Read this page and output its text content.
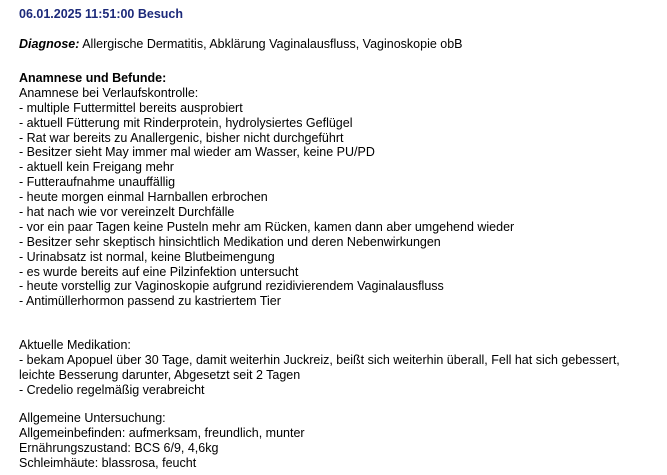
06.01.2025 11:51:00 Besuch
Diagnose: Allergische Dermatitis, Abklärung Vaginalausfluss, Vaginoskopie obB
Anamnese und Befunde:
Anamnese bei Verlaufskontrolle:
- multiple Futtermittel bereits ausprobiert
- aktuell Fütterung mit Rinderprotein, hydrolysiertes Geflügel
- Rat war bereits zu Anallergenic, bisher nicht durchgeführt
- Besitzer sieht May immer mal wieder am Wasser, keine PU/PD
- aktuell kein Freigang mehr
- Futteraufnahme unauffällig
- heute morgen einmal Harnballen erbrochen
- hat nach wie vor vereinzelt Durchfälle
- vor ein paar Tagen keine Pusteln mehr am Rücken, kamen dann aber umgehend wieder
- Besitzer sehr skeptisch hinsichtlich Medikation und deren Nebenwirkungen
- Urinabsatz ist normal, keine Blutbeimengung
- es wurde bereits auf eine Pilzinfektion untersucht
- heute vorstellig zur Vaginoskopie aufgrund rezidivierendem Vaginalausfluss
- Antimüllerhormon passend zu kastriertem Tier
Aktuelle Medikation:
- bekam Apopuel über 30 Tage, damit weiterhin Juckreiz, beißt sich weiterhin überall, Fell hat sich gebessert,
leichte Besserung darunter, Abgesetzt seit 2 Tagen
- Credelio regelmäßig verabreicht
Allgemeine Untersuchung:
Allgemeinbefinden: aufmerksam, freundlich, munter
Ernährungszustand: BCS 6/9, 4,6kg
Schleimhäute: blassrosa, feucht
